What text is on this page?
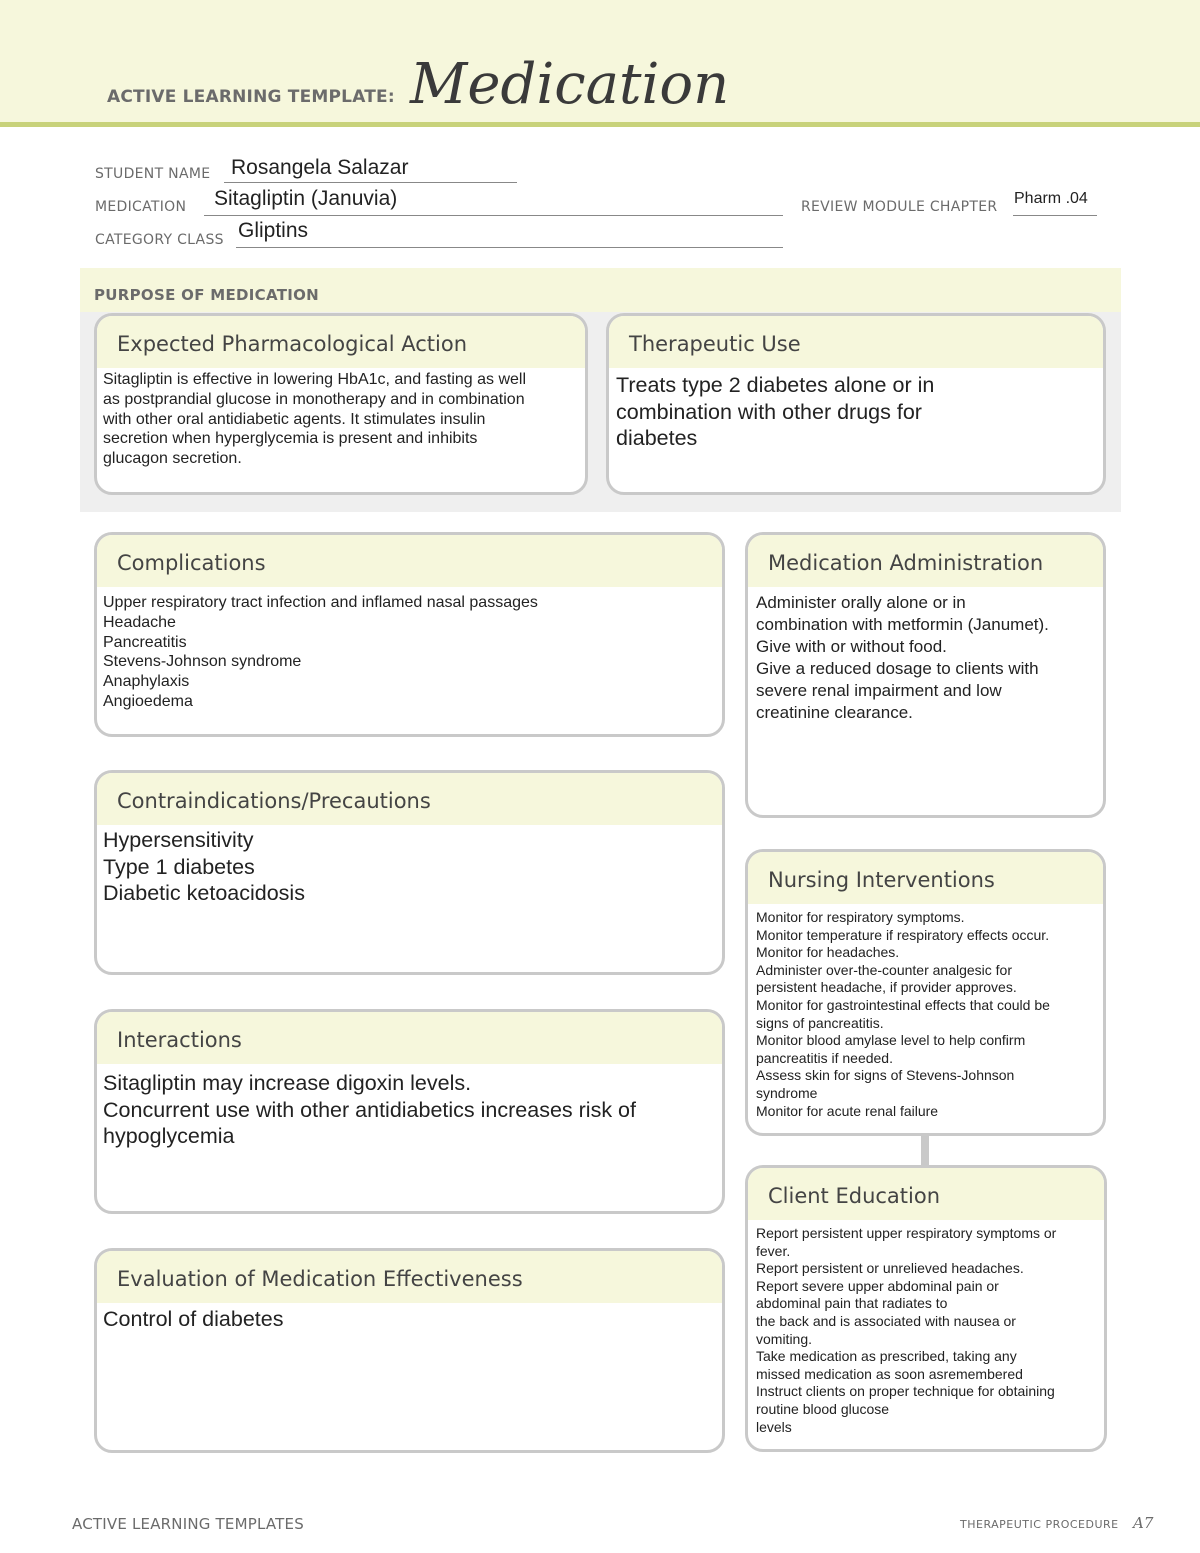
ACTIVE LEARNING TEMPLATE: Medication
STUDENT NAME Rosangela Salazar
MEDICATION Sitagliptin (Januvia)	REVIEW MODULE CHAPTER Pharm .04
CATEGORY CLASS Gliptins
PURPOSE OF MEDICATION
Expected Pharmacological Action
Sitagliptin is effective in lowering HbA1c, and fasting as well
as postprandial glucose in monotherapy and in combination
with other oral antidiabetic agents. It stimulates insulin
secretion when hyperglycemia is present and inhibits
glucagon secretion.
Therapeutic Use
Treats type 2 diabetes alone or in
combination with other drugs for
diabetes
Complications
Upper respiratory tract infection and inflamed nasal passages
Headache
Pancreatitis
Stevens-Johnson syndrome
Anaphylaxis
Angioedema
Medication Administration
Administer orally alone or in
combination with metformin (Janumet).
Give with or without food.
Give a reduced dosage to clients with
severe renal impairment and low
creatinine clearance.
Contraindications/Precautions
Hypersensitivity
Type 1 diabetes
Diabetic ketoacidosis
Nursing Interventions
Monitor for respiratory symptoms.
Monitor temperature if respiratory effects occur.
Monitor for headaches.
Administer over-the-counter analgesic for
persistent headache, if provider approves.
Monitor for gastrointestinal effects that could be
signs of pancreatitis.
Monitor blood amylase level to help confirm
pancreatitis if needed.
Assess skin for signs of Stevens-Johnson
syndrome
Monitor for acute renal failure
Interactions
Sitagliptin may increase digoxin levels.
Concurrent use with other antidiabetics increases risk of
hypoglycemia
Client Education
Report persistent upper respiratory symptoms or
fever.
Report persistent or unrelieved headaches.
Report severe upper abdominal pain or
abdominal pain that radiates to
the back and is associated with nausea or
vomiting.
Take medication as prescribed, taking any
missed medication as soon asremembered
Instruct clients on proper technique for obtaining
routine blood glucose
levels
Evaluation of Medication Effectiveness
Control of diabetes
ACTIVE LEARNING TEMPLATES	THERAPEUTIC PROCEDURE A7
